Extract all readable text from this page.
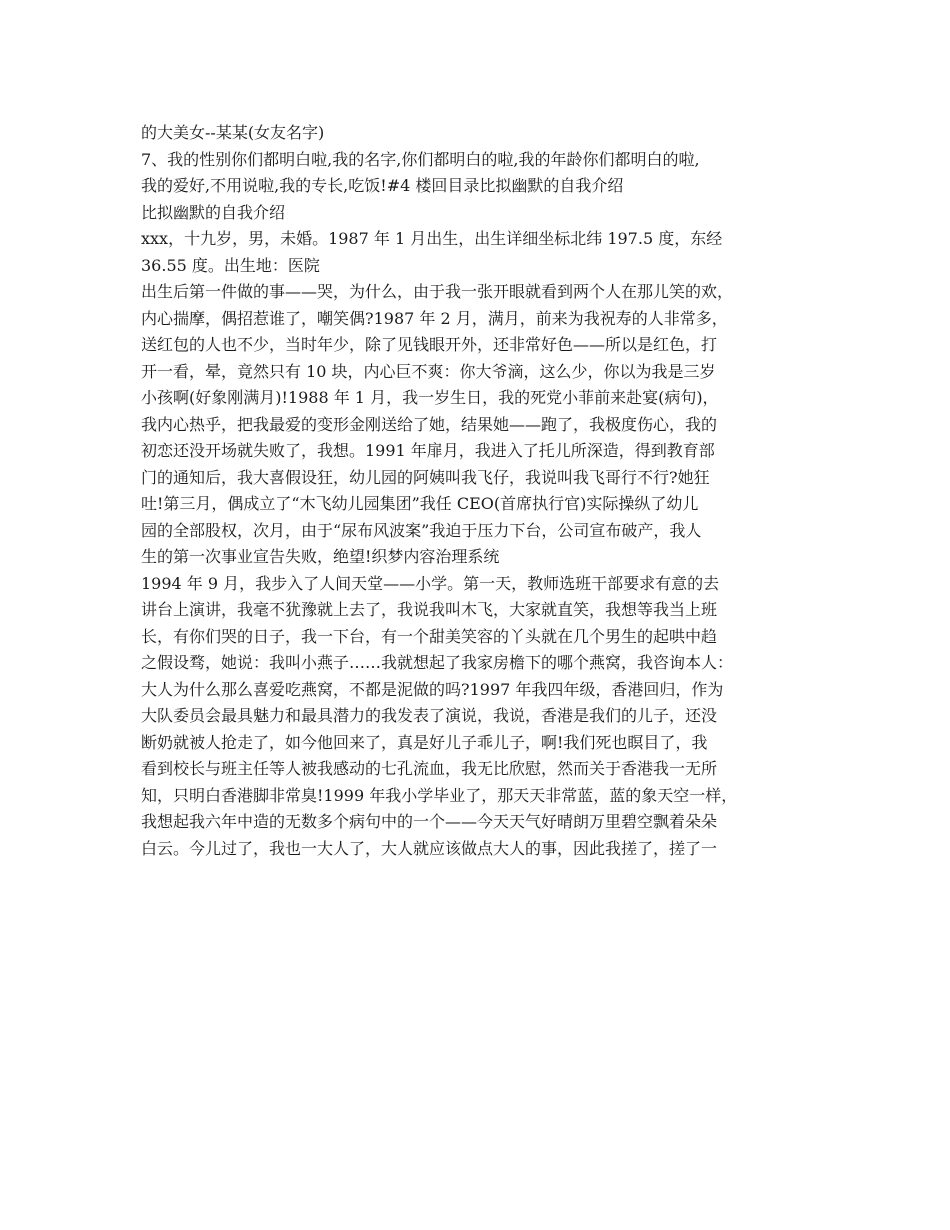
的大美女--某某(女友名字)
7、我的性别你们都明白啦,我的名字,你们都明白的啦,我的年龄你们都明白的啦,
我的爱好,不用说啦,我的专长,吃饭!#4 楼回目录比拟幽默的自我介绍
比拟幽默的自我介绍
xxx，十九岁，男，未婚。1987 年 1 月出生，出生详细坐标北纬 197.5 度，东经
36.55 度。出生地：医院
出生后第一件做的事——哭，为什么，由于我一张开眼就看到两个人在那儿笑的欢，
内心揣摩，偶招惹谁了，嘲笑偶?1987 年 2 月，满月，前来为我祝寿的人非常多，
送红包的人也不少，当时年少，除了见钱眼开外，还非常好色——所以是红色，打
开一看，晕，竟然只有 10 块，内心巨不爽：你大爷滴，这么少，你以为我是三岁
小孩啊(好象刚满月)!1988 年 1 月，我一岁生日，我的死党小菲前来赴宴(病句)，
我内心热乎，把我最爱的变形金刚送给了她，结果她——跑了，我极度伤心，我的
初恋还没开场就失败了，我想。1991 年扉月，我进入了托儿所深造，得到教育部
门的通知后，我大喜假设狂，幼儿园的阿姨叫我飞仔，我说叫我飞哥行不行?她狂
吐!第三月，偶成立了“木飞幼儿园集团”我任 CEO(首席执行官)实际操纵了幼儿
园的全部股权，次月，由于“尿布风波案”我迫于压力下台，公司宣布破产，我人
生的第一次事业宣告失败，绝望!织梦内容治理系统
1994 年 9 月，我步入了人间天堂——小学。第一天，教师选班干部要求有意的去
讲台上演讲，我毫不犹豫就上去了，我说我叫木飞，大家就直笑，我想等我当上班
长，有你们哭的日子，我一下台，有一个甜美笑容的丫头就在几个男生的起哄中趋
之假设骛，她说：我叫小燕子……我就想起了我家房檐下的哪个燕窝，我咨询本人：
大人为什么那么喜爱吃燕窝，不都是泥做的吗?1997 年我四年级，香港回归，作为
大队委员会最具魅力和最具潜力的我发表了演说，我说，香港是我们的儿子，还没
断奶就被人抢走了，如今他回来了，真是好儿子乖儿子，啊!我们死也瞑目了，我
看到校长与班主任等人被我感动的七孔流血，我无比欣慰，然而关于香港我一无所
知，只明白香港脚非常臭!1999 年我小学毕业了，那天天非常蓝，蓝的象天空一样，
我想起我六年中造的无数多个病句中的一个——今天天气好晴朗万里碧空飘着朵朵
白云。今儿过了，我也一大人了，大人就应该做点大人的事，因此我搓了，搓了一
